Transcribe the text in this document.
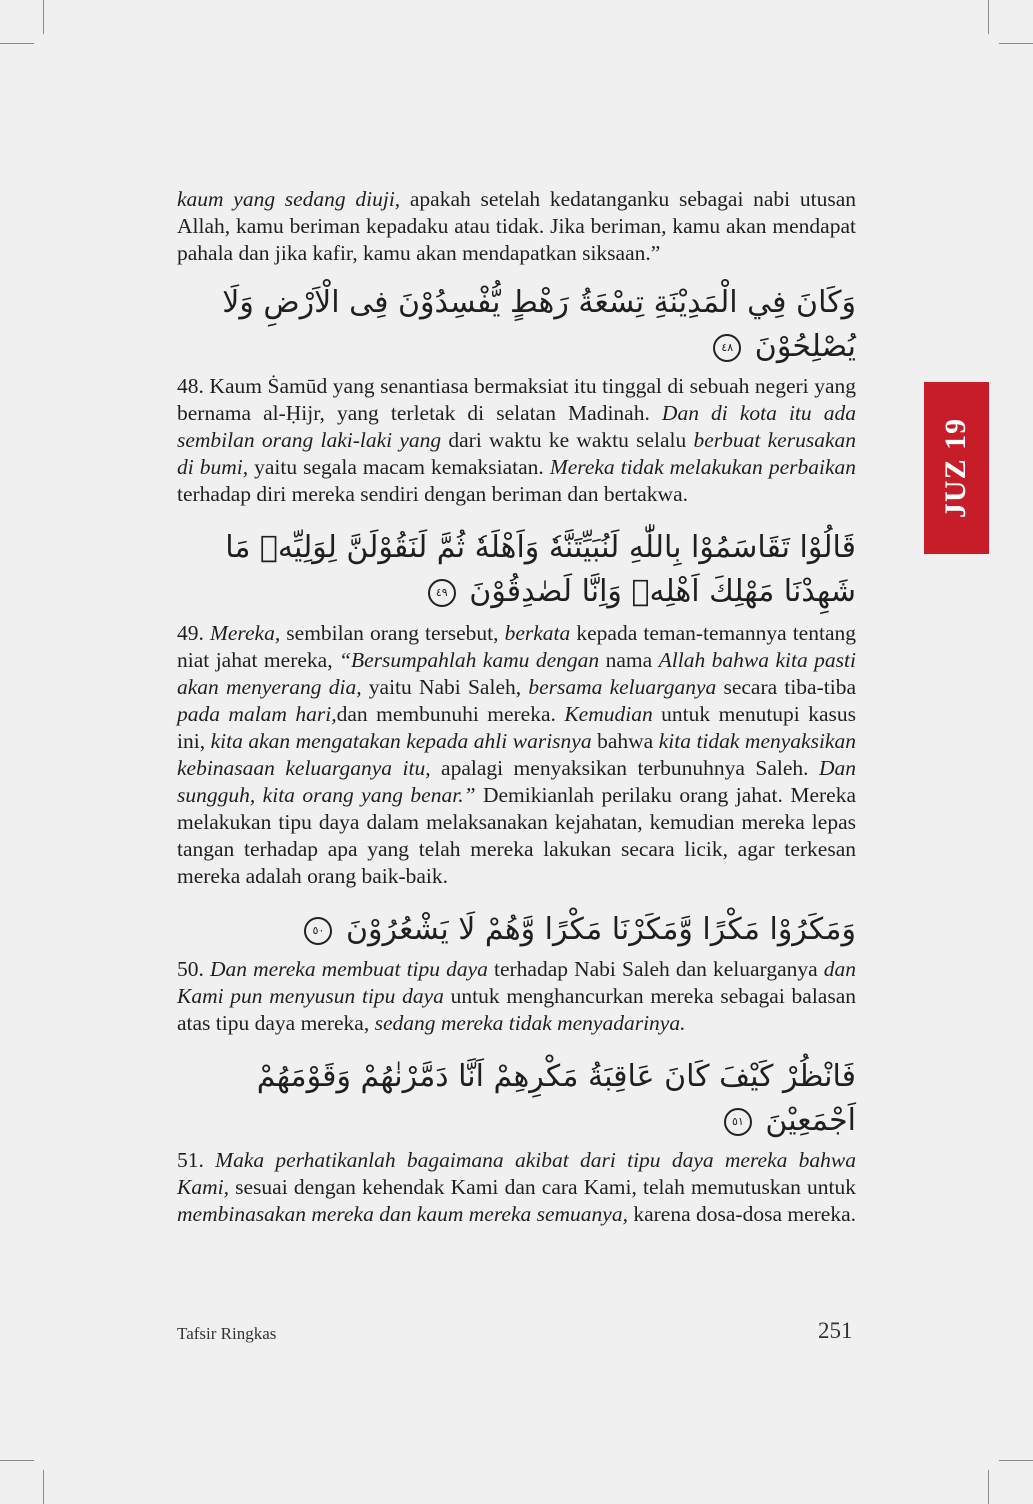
JUZ 19

kaum yang sedang diuji, apakah setelah kedatanganku sebagai nabi utusan Allah, kamu beriman kepadaku atau tidak. Jika beriman, kamu akan mendapat pahala dan jika kafir, kamu akan mendapatkan siksaan.”

وَكَانَ فِي الْمَدِيْنَةِ تِسْعَةُ رَهْطٍ يُّفْسِدُوْنَ فِى الْاَرْضِ وَلَا يُصْلِحُوْنَ ٤٨

48. Kaum Ṡamūd yang senantiasa bermaksiat itu tinggal di sebuah negeri yang bernama al-Ḥijr, yang terletak di selatan Madinah. Dan di kota itu ada sembilan orang laki-laki yang dari waktu ke waktu selalu berbuat kerusakan di bumi, yaitu segala macam kemaksiatan. Mereka tidak melakukan perbaikan terhadap diri mereka sendiri dengan beriman dan bertakwa.

قَالُوْا تَقَاسَمُوْا بِاللّٰهِ لَنُبَيِّتَنَّهٗ وَاَهْلَهٗ ثُمَّ لَنَقُوْلَنَّ لِوَلِيِّهٖ مَا شَهِدْنَا مَهْلِكَ اَهْلِهٖ وَاِنَّا لَصٰدِقُوْنَ ٤٩

49. Mereka, sembilan orang tersebut, berkata kepada teman-temannya tentang niat jahat mereka, “Bersumpahlah kamu dengan nama Allah bahwa kita pasti akan menyerang dia, yaitu Nabi Saleh, bersama keluarganya secara tiba-tiba pada malam hari,dan membunuhi mereka. Kemudian untuk menutupi kasus ini, kita akan mengatakan kepada ahli warisnya bahwa kita tidak menyaksikan kebinasaan keluarganya itu, apalagi menyaksikan terbunuhnya Saleh. Dan sungguh, kita orang yang benar.” Demikianlah perilaku orang jahat. Mereka melakukan tipu daya dalam melaksanakan kejahatan, kemudian mereka lepas tangan terhadap apa yang telah mereka lakukan secara licik, agar terkesan mereka adalah orang baik-baik.

وَمَكَرُوْا مَكْرًا وَّمَكَرْنَا مَكْرًا وَّهُمْ لَا يَشْعُرُوْنَ ٥٠

50. Dan mereka membuat tipu daya terhadap Nabi Saleh dan keluarganya dan Kami pun menyusun tipu daya untuk menghancurkan mereka sebagai balasan atas tipu daya mereka, sedang mereka tidak menyadarinya.

فَانْظُرْ كَيْفَ كَانَ عَاقِبَةُ مَكْرِهِمْ اَنَّا دَمَّرْنٰهُمْ وَقَوْمَهُمْ اَجْمَعِيْنَ ٥١

51. Maka perhatikanlah bagaimana akibat dari tipu daya mereka bahwa Kami, sesuai dengan kehendak Kami dan cara Kami, telah memutuskan untuk membinasakan mereka dan kaum mereka semuanya, karena dosa-dosa mereka.

Tafsir Ringkas	251
